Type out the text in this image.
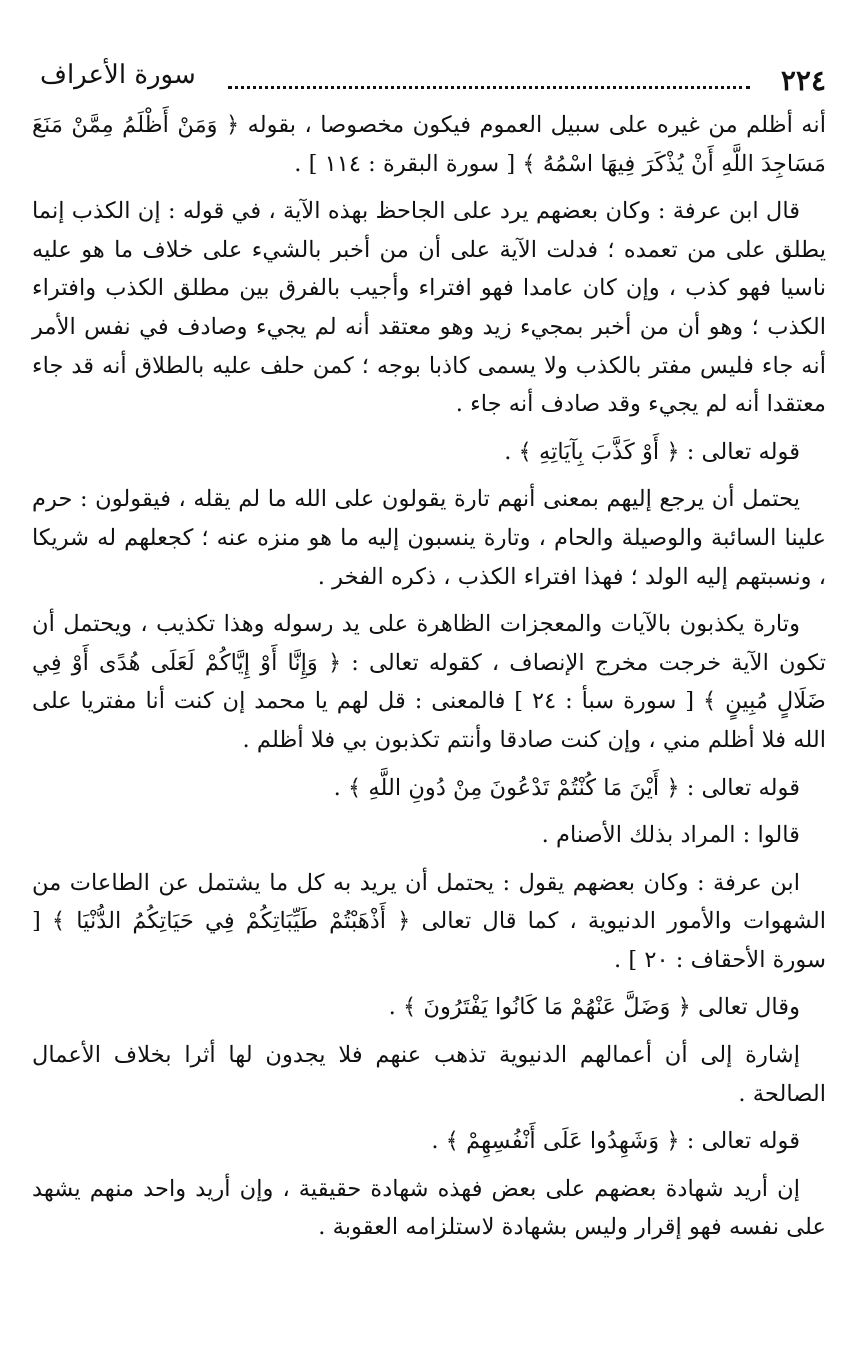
٢٢٤
سورة الأعراف

أنه أظلم من غيره على سبيل العموم فيكون مخصوصا ، بقوله ﴿ وَمَنْ أَظْلَمُ مِمَّنْ مَنَعَ مَسَاجِدَ اللَّهِ أَنْ يُذْكَرَ فِيهَا اسْمُهُ ﴾ [ سورة البقرة : ١١٤ ] .

قال ابن عرفة : وكان بعضهم يرد على الجاحظ بهذه الآية ، في قوله : إن الكذب إنما يطلق على من تعمده ؛ فدلت الآية على أن من أخبر بالشيء على خلاف ما هو عليه ناسيا فهو كذب ، وإن كان عامدا فهو افتراء وأجيب بالفرق بين مطلق الكذب وافتراء الكذب ؛ وهو أن من أخبر بمجيء زيد وهو معتقد أنه لم يجيء وصادف في نفس الأمر أنه جاء فليس مفتر بالكذب ولا يسمى كاذبا بوجه ؛ كمن حلف عليه بالطلاق أنه قد جاء معتقدا أنه لم يجيء وقد صادف أنه جاء .

قوله تعالى : ﴿ أَوْ كَذَّبَ بِآيَاتِهِ ﴾ .

يحتمل أن يرجع إليهم بمعنى أنهم تارة يقولون على الله ما لم يقله ، فيقولون : حرم علينا السائبة والوصيلة والحام ، وتارة ينسبون إليه ما هو منزه عنه ؛ كجعلهم له شريكا ، ونسبتهم إليه الولد ؛ فهذا افتراء الكذب ، ذكره الفخر .

وتارة يكذبون بالآيات والمعجزات الظاهرة على يد رسوله وهذا تكذيب ، ويحتمل أن تكون الآية خرجت مخرج الإنصاف ، كقوله تعالى : ﴿ وَإِنَّا أَوْ إِيَّاكُمْ لَعَلَى هُدًى أَوْ فِي ضَلَالٍ مُبِينٍ ﴾ [ سورة سبأ : ٢٤ ] فالمعنى : قل لهم يا محمد إن كنت أنا مفتريا على الله فلا أظلم مني ، وإن كنت صادقا وأنتم تكذبون بي فلا أظلم .

قوله تعالى : ﴿ أَيْنَ مَا كُنْتُمْ تَدْعُونَ مِنْ دُونِ اللَّهِ ﴾ .

قالوا : المراد بذلك الأصنام .

ابن عرفة : وكان بعضهم يقول : يحتمل أن يريد به كل ما يشتمل عن الطاعات من الشهوات والأمور الدنيوية ، كما قال تعالى ﴿ أَذْهَبْتُمْ طَيِّبَاتِكُمْ فِي حَيَاتِكُمُ الدُّنْيَا ﴾ [ سورة الأحقاف : ٢٠ ] .

وقال تعالى ﴿ وَضَلَّ عَنْهُمْ مَا كَانُوا يَفْتَرُونَ ﴾ .

إشارة إلى أن أعمالهم الدنيوية تذهب عنهم فلا يجدون لها أثرا بخلاف الأعمال الصالحة .

قوله تعالى : ﴿ وَشَهِدُوا عَلَى أَنْفُسِهِمْ ﴾ .

إن أريد شهادة بعضهم على بعض فهذه شهادة حقيقية ، وإن أريد واحد منهم يشهد على نفسه فهو إقرار وليس بشهادة لاستلزامه العقوبة .
